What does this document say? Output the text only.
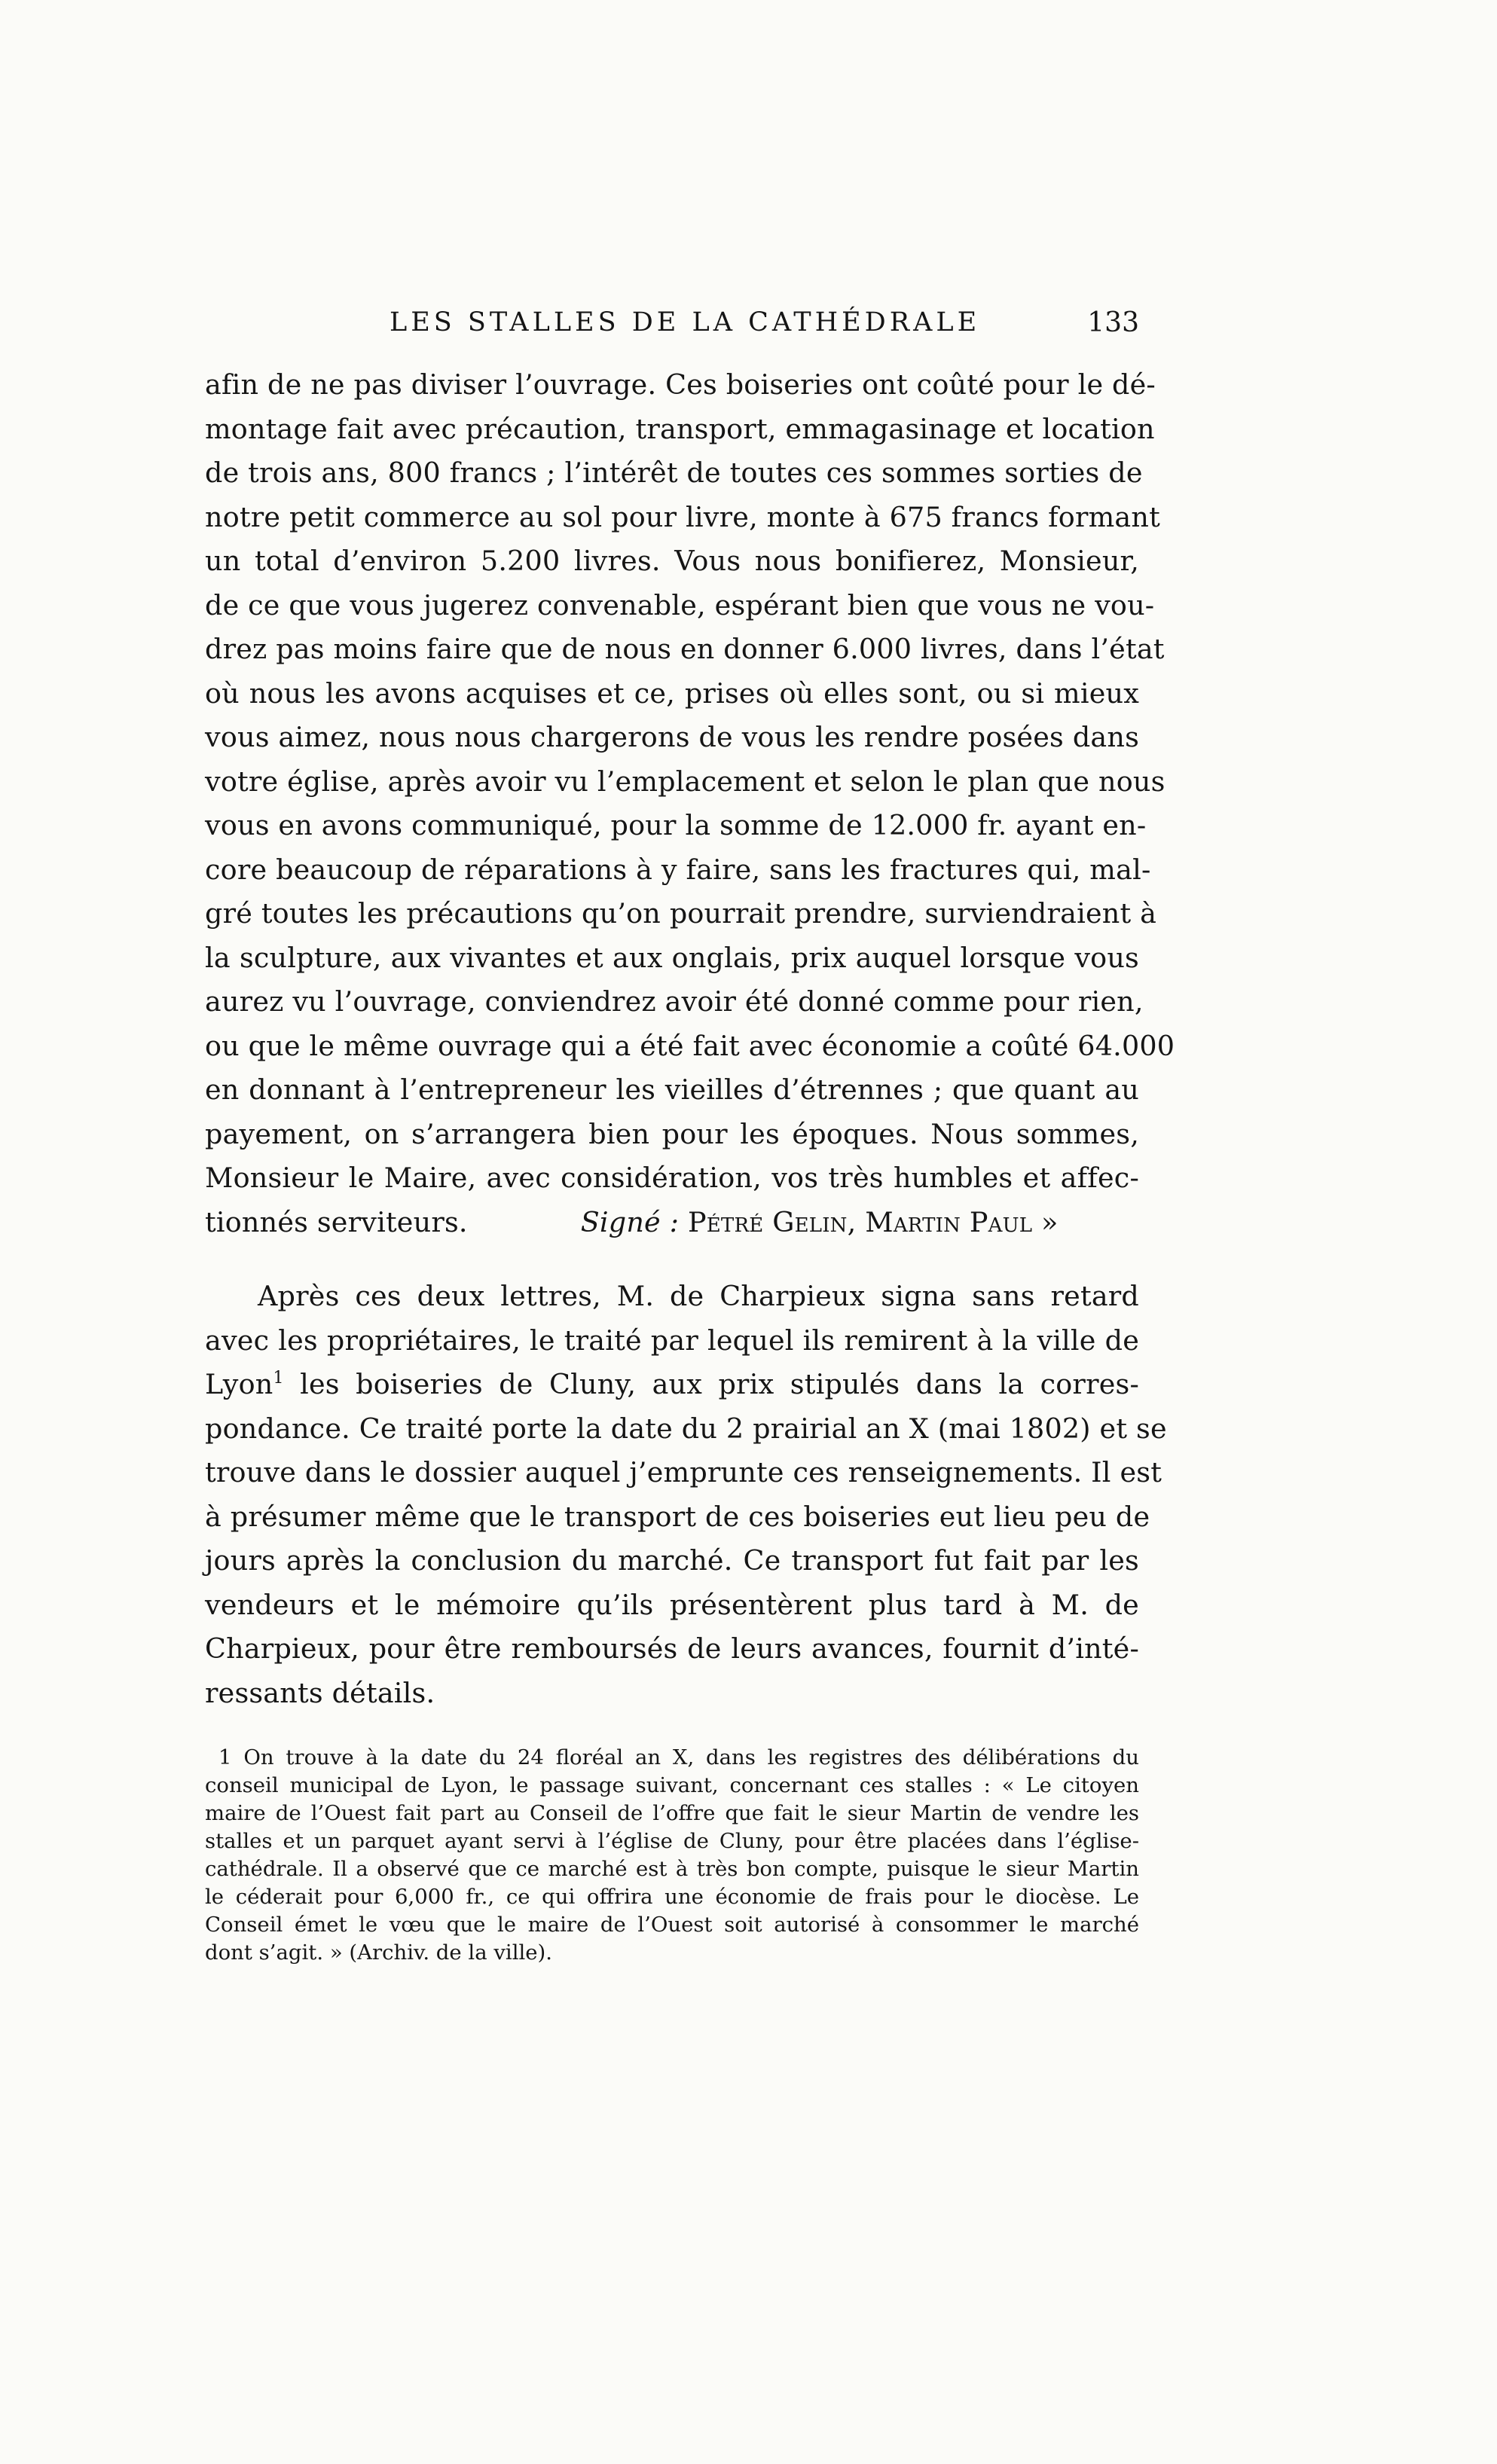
LES STALLES DE LA CATHÉDRALE	133
afin de ne pas diviser l’ouvrage. Ces boiseries ont coûté pour le dé-
montage fait avec précaution, transport, emmagasinage et location
de trois ans, 800 francs ; l’intérêt de toutes ces sommes sorties de
notre petit commerce au sol pour livre, monte à 675 francs formant
un total d’environ 5.200 livres. Vous nous bonifierez, Monsieur,
de ce que vous jugerez convenable, espérant bien que vous ne vou-
drez pas moins faire que de nous en donner 6.000 livres, dans l’état
où nous les avons acquises et ce, prises où elles sont, ou si mieux
vous aimez, nous nous chargerons de vous les rendre posées dans
votre église, après avoir vu l’emplacement et selon le plan que nous
vous en avons communiqué, pour la somme de 12.000 fr. ayant en-
core beaucoup de réparations à y faire, sans les fractures qui, mal-
gré toutes les précautions qu’on pourrait prendre, surviendraient à
la sculpture, aux vivantes et aux onglais, prix auquel lorsque vous
aurez vu l’ouvrage, conviendrez avoir été donné comme pour rien,
ou que le même ouvrage qui a été fait avec économie a coûté 64.000
en donnant à l’entrepreneur les vieilles d’étrennes ; que quant au
payement, on s’arrangera bien pour les époques. Nous sommes,
Monsieur le Maire, avec considération, vos très humbles et affec-
tionnés serviteurs.	Signé : Pétré Gelin, Martin Paul »
Après ces deux lettres, M. de Charpieux signa sans retard
avec les propriétaires, le traité par lequel ils remirent à la ville de
Lyon$^1$ les boiseries de Cluny, aux prix stipulés dans la corres-
pondance. Ce traité porte la date du 2 prairial an X (mai 1802) et se
trouve dans le dossier auquel j’emprunte ces renseignements. Il est
à présumer même que le transport de ces boiseries eut lieu peu de
jours après la conclusion du marché. Ce transport fut fait par les
vendeurs et le mémoire qu’ils présentèrent plus tard à M. de
Charpieux, pour être remboursés de leurs avances, fournit d’inté-
ressants détails.
1 On trouve à la date du 24 floréal an X, dans les registres des délibérations du
conseil municipal de Lyon, le passage suivant, concernant ces stalles : « Le citoyen
maire de l’Ouest fait part au Conseil de l’offre que fait le sieur Martin de vendre les
stalles et un parquet ayant servi à l’église de Cluny, pour être placées dans l’église-
cathédrale. Il a observé que ce marché est à très bon compte, puisque le sieur Martin
le céderait pour 6,000 fr., ce qui offrira une économie de frais pour le diocèse. Le
Conseil émet le vœu que le maire de l’Ouest soit autorisé à consommer le marché
dont s’agit. » (Archiv. de la ville).
